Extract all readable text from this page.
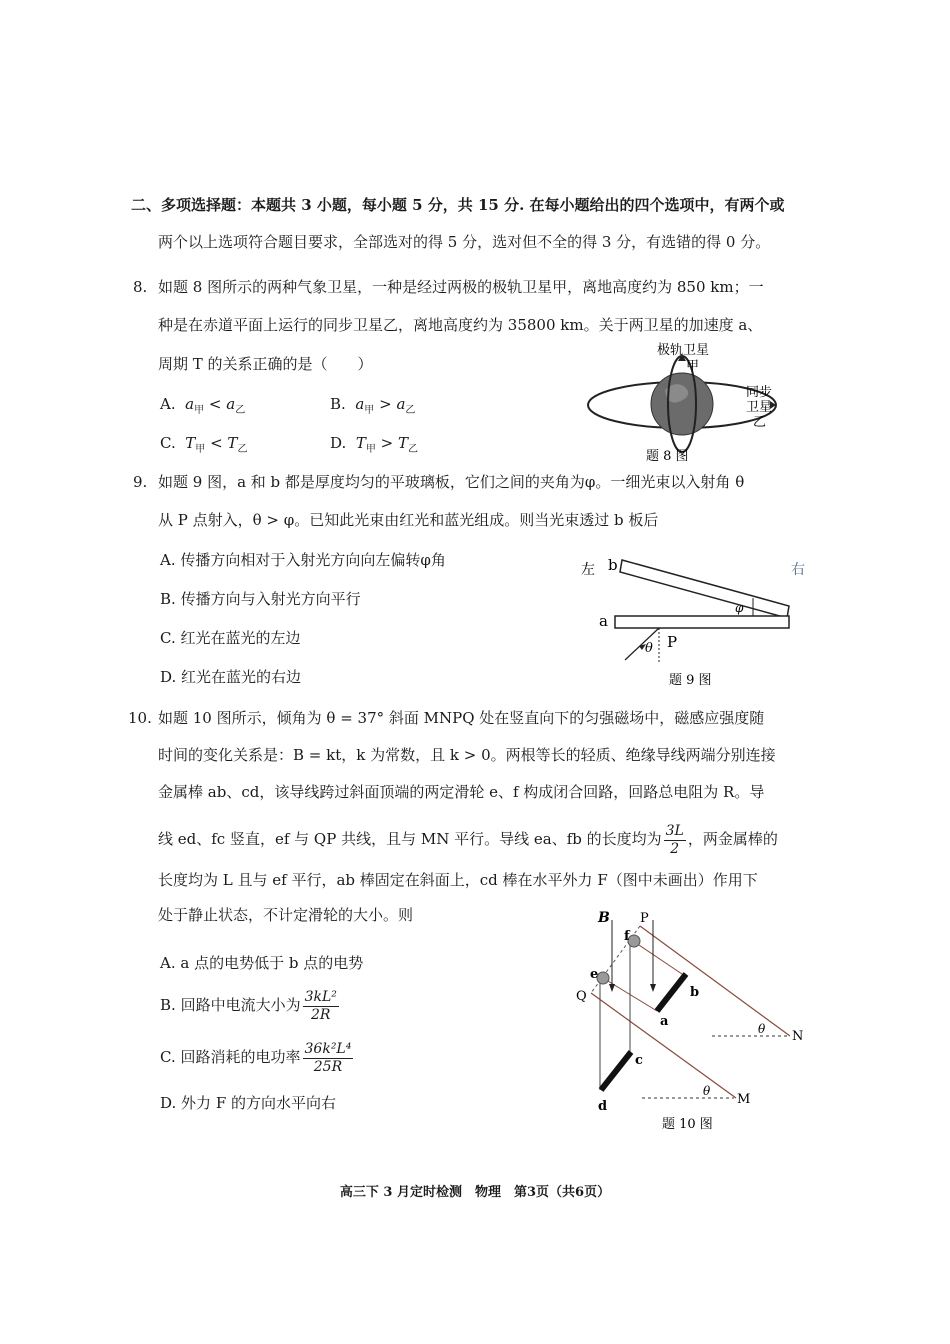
二、多项选择题：本题共 3 小题，每小题 5 分，共 15 分. 在每小题给出的四个选项中，有两个或
两个以上选项符合题目要求，全部选对的得 5 分，选对但不全的得 3 分，有选错的得 0 分。
8. 如题 8 图所示的两种气象卫星，一种是经过两极的极轨卫星甲，离地高度约为 850 km；一
种是在赤道平面上运行的同步卫星乙，离地高度约为 35800 km。关于两卫星的加速度 a、
周期 T 的关系正确的是（　　）
A. $a_甲 < a_乙$	B. $a_甲 > a_乙$
C. $T_甲 < T_乙$	D. $T_甲 > T_乙$
极轨卫星
甲
同步
卫星
乙
题 8 图
9. 如题 9 图，a 和 b 都是厚度均匀的平玻璃板，它们之间的夹角为φ。一细光束以入射角 θ
从 P 点射入，θ > φ。已知此光束由红光和蓝光组成。则当光束透过 b 板后
A. 传播方向相对于入射光方向向左偏转φ角
B. 传播方向与入射光方向平行
C. 红光在蓝光的左边
D. 红光在蓝光的右边
左 b	右
a
φ
θ P
题 9 图
10. 如题 10 图所示，倾角为 θ = 37° 斜面 MNPQ 处在竖直向下的匀强磁场中，磁感应强度随
时间的变化关系是：B = kt，k 为常数，且 k > 0。两根等长的轻质、绝缘导线两端分别连接
金属棒 ab、cd，该导线跨过斜面顶端的两定滑轮 e、f 构成闭合回路，回路总电阻为 R。导
线 ed、fc 竖直，ef 与 QP 共线，且与 MN 平行。导线 ea、fb 的长度均为 $\frac{3L}{2}$ ，两金属棒的
长度均为 L 且与 ef 平行，ab 棒固定在斜面上，cd 棒在水平外力 F（图中未画出）作用下
处于静止状态，不计定滑轮的大小。则
A. a 点的电势低于 b 点的电势
B. 回路中电流大小为 $\frac{\text{3kL²}}{2R}$
C. 回路消耗的电功率 $\frac{\text{36k²L⁴}}{25R}$
D. 外力 F 的方向水平向右
B P
f
e
Q
a
b
c
d
N
M
θ
θ
题 10 图
高三下 3 月定时检测　物理　第3页（共6页）
